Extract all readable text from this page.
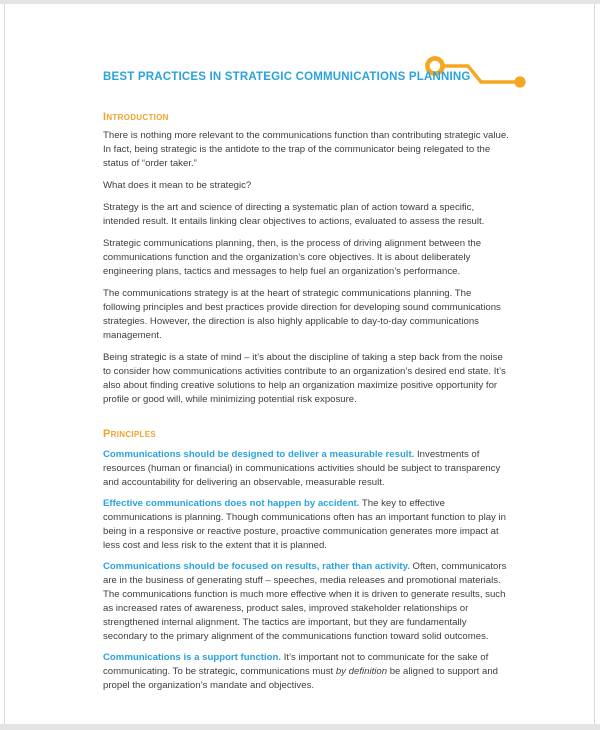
BEST PRACTICES IN STRATEGIC COMMUNICATIONS PLANNING
Introduction

There is nothing more relevant to the communications function than contributing strategic value. In fact, being strategic is the antidote to the trap of the communicator being relegated to the status of “order taker.”

What does it mean to be strategic?

Strategy is the art and science of directing a systematic plan of action toward a specific, intended result. It entails linking clear objectives to actions, evaluated to assess the result.

Strategic communications planning, then, is the process of driving alignment between the communications function and the organization’s core objectives. It is about deliberately engineering plans, tactics and messages to help fuel an organization’s performance.

The communications strategy is at the heart of strategic communications planning. The following principles and best practices provide direction for developing sound communications strategies. However, the direction is also highly applicable to day-to-day communications management.

Being strategic is a state of mind – it’s about the discipline of taking a step back from the noise to consider how communications activities contribute to an organization’s desired end state. It’s also about finding creative solutions to help an organization maximize positive opportunity for profile or good will, while minimizing potential risk exposure.

Principles

Communications should be designed to deliver a measurable result. Investments of resources (human or financial) in communications activities should be subject to transparency and accountability for delivering an observable, measurable result.

Effective communications does not happen by accident. The key to effective communications is planning. Though communications often has an important function to play in being in a responsive or reactive posture, proactive communication generates more impact at less cost and less risk to the extent that it is planned.

Communications should be focused on results, rather than activity. Often, communicators are in the business of generating stuff – speeches, media releases and promotional materials. The communications function is much more effective when it is driven to generate results, such as increased rates of awareness, product sales, improved stakeholder relationships or strengthened internal alignment. The tactics are important, but they are fundamentally secondary to the primary alignment of the communications function toward solid outcomes.

Communications is a support function. It’s important not to communicate for the sake of communicating. To be strategic, communications must by definition be aligned to support and propel the organization’s mandate and objectives.
